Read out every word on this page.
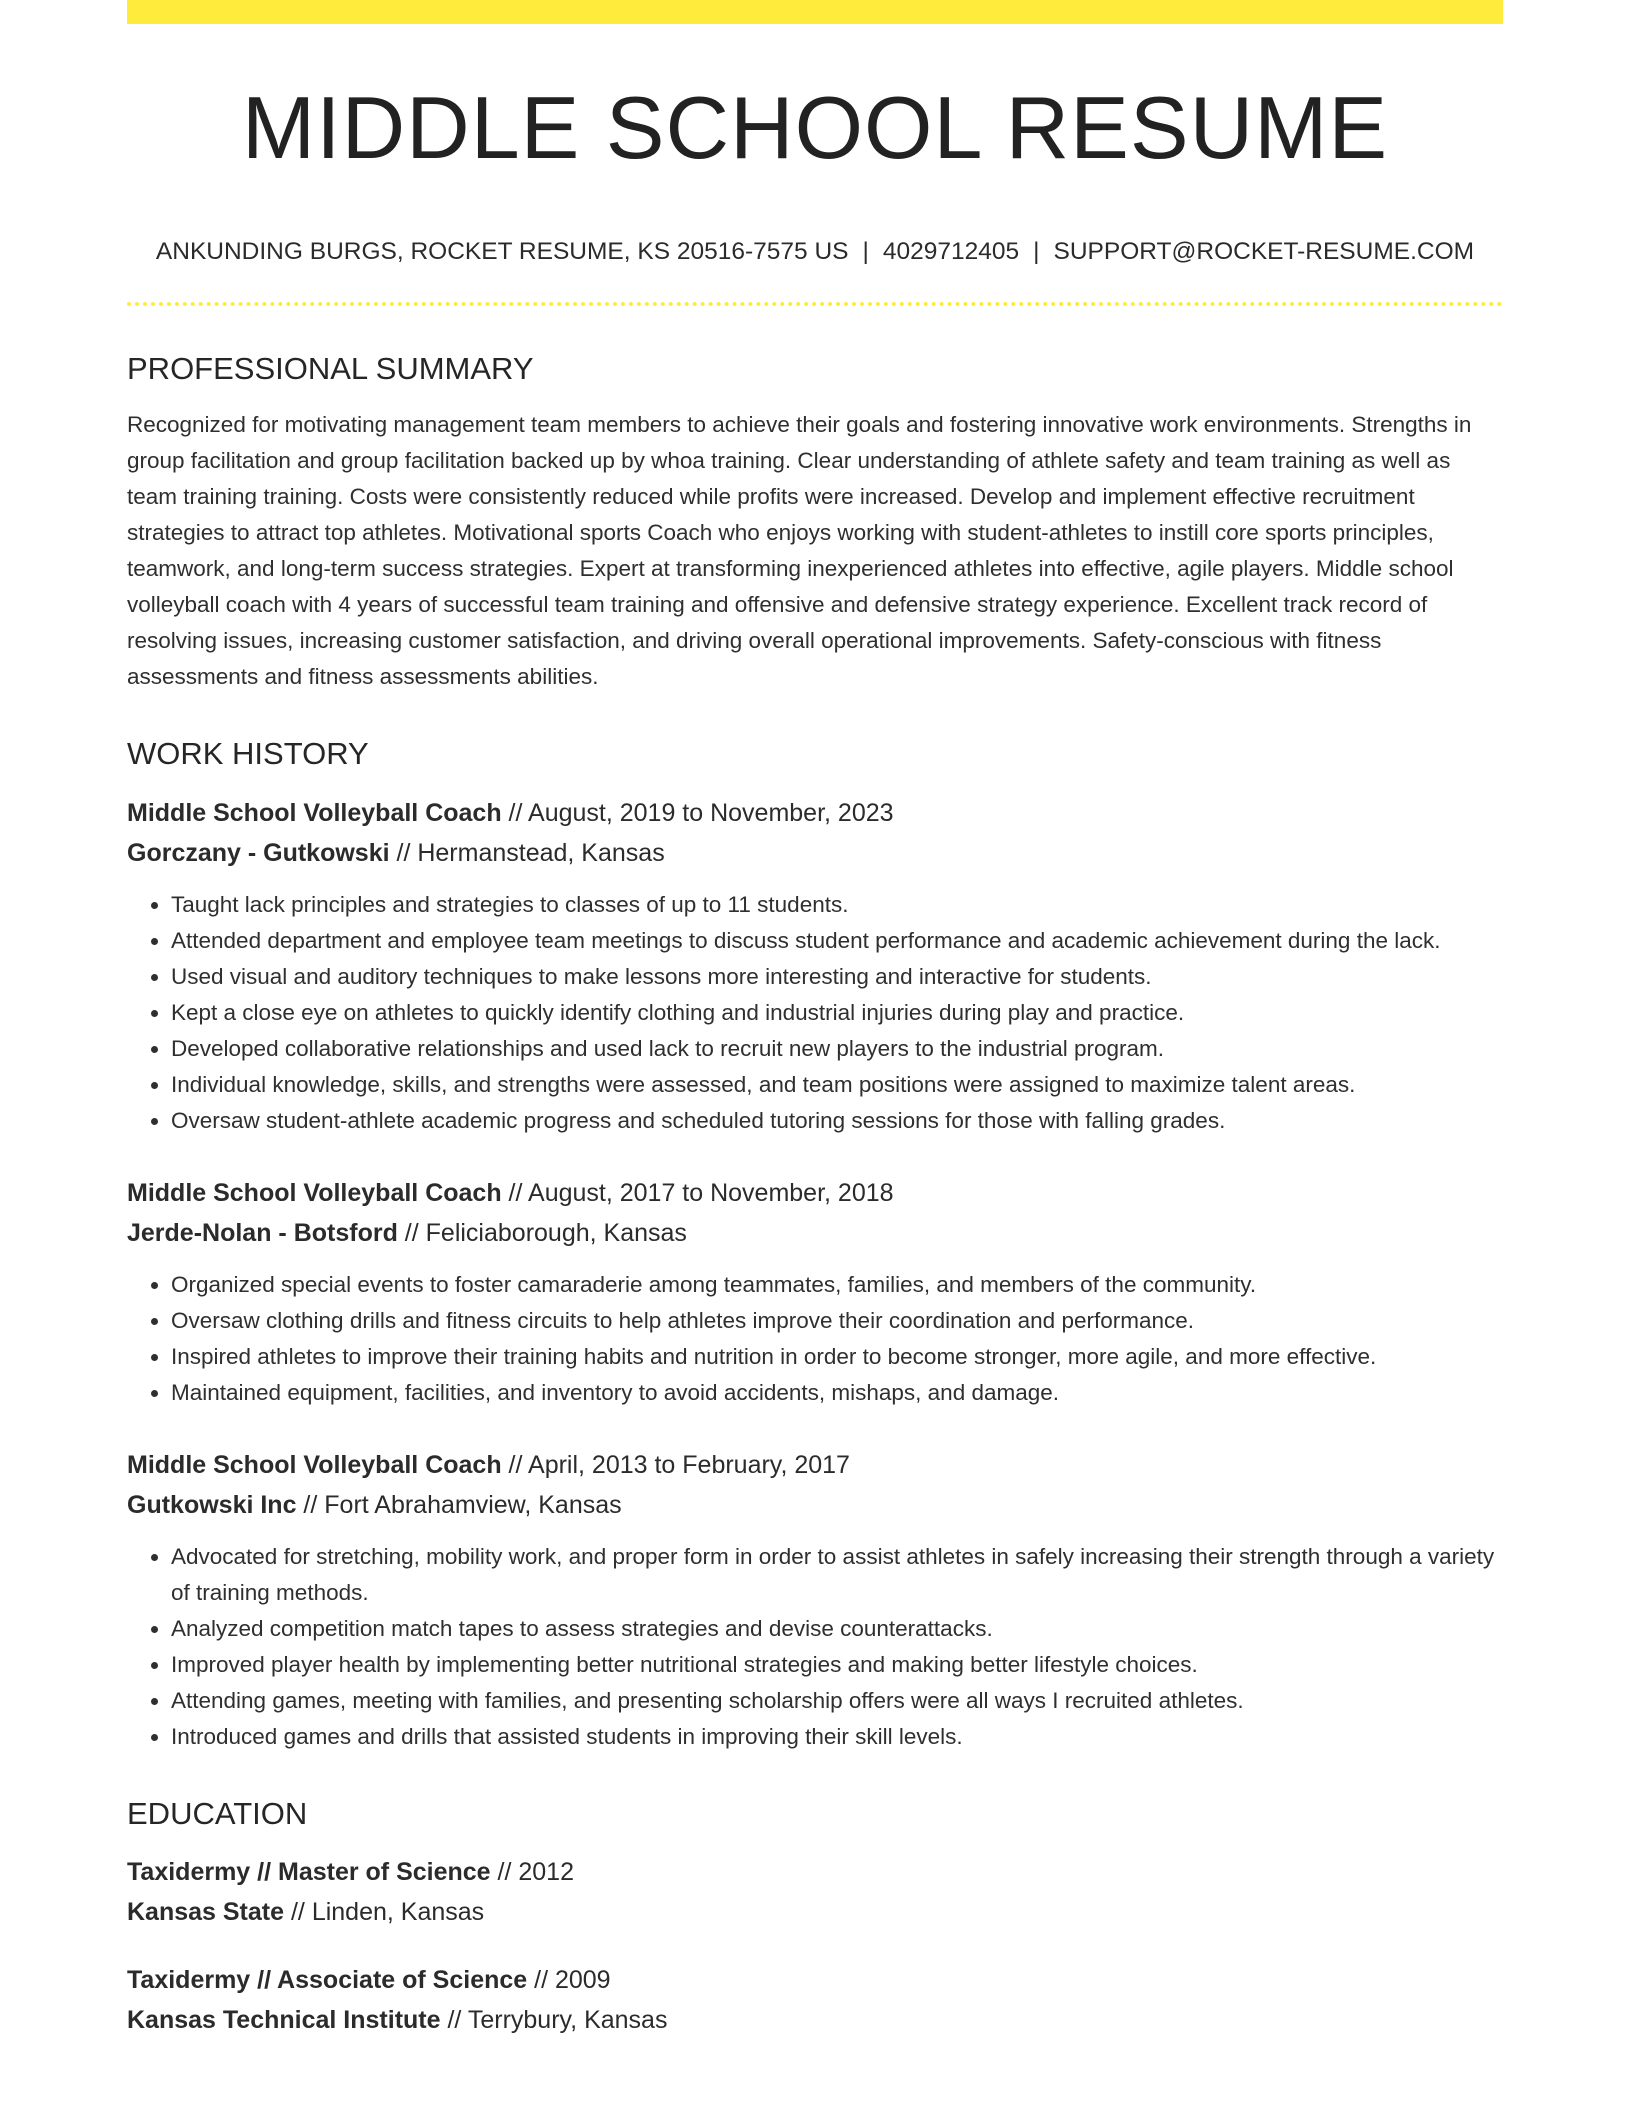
MIDDLE SCHOOL RESUME
ANKUNDING BURGS, ROCKET RESUME, KS 20516-7575 US | 4029712405 | SUPPORT@ROCKET-RESUME.COM
PROFESSIONAL SUMMARY

Recognized for motivating management team members to achieve their goals and fostering innovative work environments. Strengths in group facilitation and group facilitation backed up by whoa training. Clear understanding of athlete safety and team training as well as team training training. Costs were consistently reduced while profits were increased. Develop and implement effective recruitment strategies to attract top athletes. Motivational sports Coach who enjoys working with student-athletes to instill core sports principles, teamwork, and long-term success strategies. Expert at transforming inexperienced athletes into effective, agile players. Middle school volleyball coach with 4 years of successful team training and offensive and defensive strategy experience. Excellent track record of resolving issues, increasing customer satisfaction, and driving overall operational improvements. Safety-conscious with fitness assessments and fitness assessments abilities.

WORK HISTORY
Middle School Volleyball Coach // August, 2019 to November, 2023
Gorczany - Gutkowski // Hermanstead, Kansas
• Taught lack principles and strategies to classes of up to 11 students.
• Attended department and employee team meetings to discuss student performance and academic achievement during the lack.
• Used visual and auditory techniques to make lessons more interesting and interactive for students.
• Kept a close eye on athletes to quickly identify clothing and industrial injuries during play and practice.
• Developed collaborative relationships and used lack to recruit new players to the industrial program.
• Individual knowledge, skills, and strengths were assessed, and team positions were assigned to maximize talent areas.
• Oversaw student-athlete academic progress and scheduled tutoring sessions for those with falling grades.
Middle School Volleyball Coach // August, 2017 to November, 2018
Jerde-Nolan - Botsford // Feliciaborough, Kansas
• Organized special events to foster camaraderie among teammates, families, and members of the community.
• Oversaw clothing drills and fitness circuits to help athletes improve their coordination and performance.
• Inspired athletes to improve their training habits and nutrition in order to become stronger, more agile, and more effective.
• Maintained equipment, facilities, and inventory to avoid accidents, mishaps, and damage.
Middle School Volleyball Coach // April, 2013 to February, 2017
Gutkowski Inc // Fort Abrahamview, Kansas
• Advocated for stretching, mobility work, and proper form in order to assist athletes in safely increasing their strength through a variety of training methods.
• Analyzed competition match tapes to assess strategies and devise counterattacks.
• Improved player health by implementing better nutritional strategies and making better lifestyle choices.
• Attending games, meeting with families, and presenting scholarship offers were all ways I recruited athletes.
• Introduced games and drills that assisted students in improving their skill levels.
EDUCATION
Taxidermy // Master of Science // 2012
Kansas State // Linden, Kansas
Taxidermy // Associate of Science // 2009
Kansas Technical Institute // Terrybury, Kansas
